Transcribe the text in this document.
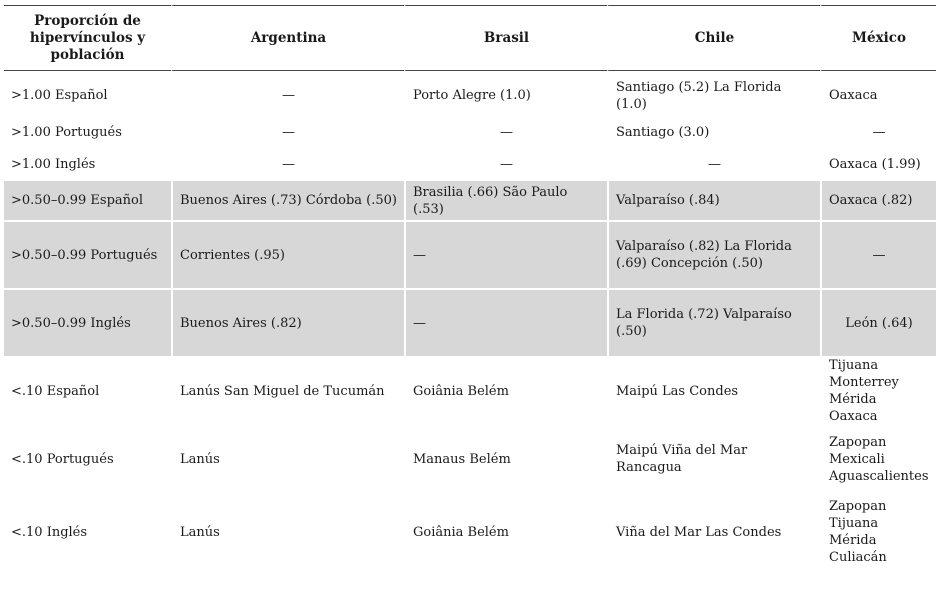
Proporción de hipervínculos y población	Argentina	Brasil	Chile	México
>1.00 Español	—	Porto Alegre (1.0)	Santiago (5.2) La Florida (1.0)	Oaxaca
>1.00 Portugués	—	—	Santiago (3.0)	—
>1.00 Inglés	—	—	—	Oaxaca (1.99)
>0.50–0.99 Español	Buenos Aires (.73) Córdoba (.50)	Brasilia (.66) São Paulo (.53)	Valparaíso (.84)	Oaxaca (.82)
>0.50–0.99 Portugués	Corrientes (.95)	—	Valparaíso (.82) La Florida (.69) Concepción (.50)	—
>0.50–0.99 Inglés	Buenos Aires (.82)	—	La Florida (.72) Valparaíso (.50)	León (.64)
<.10 Español	Lanús San Miguel de Tucumán	Goiânia Belém	Maipú Las Condes	Tijuana Monterrey Mérida Oaxaca
<.10 Portugués	Lanús	Manaus Belém	Maipú Viña del Mar Rancagua	Zapopan Mexicali Aguascalientes
<.10 Inglés	Lanús	Goiânia Belém	Viña del Mar Las Condes	Zapopan Tijuana Mérida Culiacán
